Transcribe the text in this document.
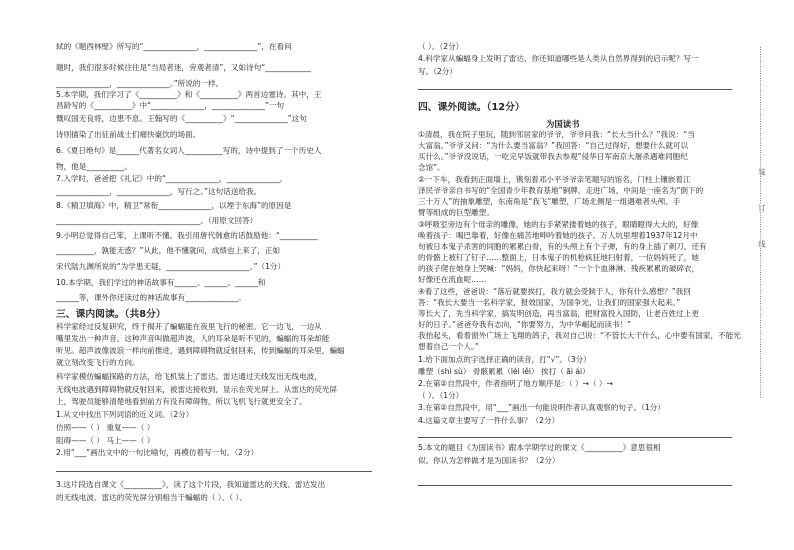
轼的《题西林壁》所写的“______________，______________”，在看问
题时，我们很多时候往往是“当局者迷，旁观者清”，又如诗句“____________
______________，______________。”所说的一样。
5.本学期，我们学习了《__________》和《__________》两首边塞诗。其中，王
昌龄写的《__________》中“______________，______________”一句
慨叹国无良将，边患不息。王翰写的《__________》“______________”这句
诗则描染了出征前战士们痛快豪饮的场面。
6.《夏日绝句》是______代著名女词人__________写的，诗中提到了一个历史人
物，他是__________。
7.入学时，爸爸把《礼记》中的“______________，______________，
______________，______________，写行之。”这句话送给我。
8.《精卫填海》中，精卫“常衔______________，以堙于东海”的原因是
______________________________________。（用原文回答）
9.小明总觉得自己笨，上课听不懂。我引用唐代韩愈的话鼓励他：“__________
__________，孰能无惑？”从此，他不懂就问，成绩也上来了，正如
宋代陆九渊所说的“为学患无疑，______________________。”（1分）
10.本学期，我们学过的神话故事有______、______、______和
______等，课外你还读过的神话故事有______________。
三、课内阅读。（共8分）
科学家经过反复研究，终于揭开了蝙蝠能在夜里飞行的秘密。它一边飞，一边从
嘴里发出一种声音，这种声音叫做超声波，人的耳朵是听不见的，蝙蝠的耳朵却能
听见。超声波像波浪一样向前推进，遇到障碍物就反射回来，传到蝙蝠的耳朵里，蝙蝠
就立刻改变飞行的方向。
科学家模仿蝙蝠探路的方法，给飞机装上了雷达。雷达通过天线发出无线电波，
无线电波遇到障碍物就反射回来，被雷达接收到，显示在荧光屏上。从雷达的荧光屏
上，驾驶员能够清楚地看到前方有没有障碍物，所以飞机飞行就更安全了。
1.从文中找出下列词语的近义词。（2分）
仿照——（ ） 重复——（ ）
阻碍——（ ） 马上——（ ）
2.用“___”画出文中的一句比喻句，再模仿着写一句。（2分）
3.这片段选自课文《__________》，读了这个片段，我知道雷达的天线、雷达发出
的无线电波、雷达的荧光屏分别相当于蝙蝠的（ ）、（ ）、
（ ）。（2分）
4.科学家从蝙蝠身上发明了雷达，你还知道哪些是人类从自然界得到的启示呢？写一
写。（2分）
四、课外阅读。（12分）
为国读书
①清晨，我在院子里玩，随到邻居家的爷爷，爷爷问我：“长大当什么？”我说：“当
大富翁。”爷爷又问：“为什么要当富翁？”我回答：“自己过得好，想要什么就可以
买什么。”爷爷没说话，一吃完早饭就带我去参观“侵华日军南京大屠杀遇难同胞纪
念馆”。
②一下车，我看到正面墙上，镌刻着邓小平爷爷亲笔题写的馆名，门柱上镶嵌着江
泽民爷爷亲自书写的“全国青少年教育基地”铜牌。走进广场，中间是一座名为“倒下的
三十万人”的抽象雕塑，东南角是“我飞”雕塑，广场北侧是一组遇难者头颅、手
臂等组成的巨型雕塑。
③呼吸室旁边有个母亲的雕像，她的右手紧紧搂着她的孩子，眼睛瞪得大大的，好像
唤着孩子：喝巴靠着，好像在痛苦地呻吟着她的孩子。万人坑里埋着1937年12月中
旬被日本鬼子杀害的同胞的累累白骨，有的头颅上有个子弹，有的身上插了刺刀，还有
的骨骼上被钉了钉子……整面上，日本鬼子的机枪疯狂地扫射着，一位妈妈死了，她
的孩子爬在她身上哭喊：“妈妈，你快起来呀！”一个个血淋淋、残疾累累的破碎衣，
好像还在流血呢……
④看了这些，爸爸说：“落后就要挨打，我方就会受制于人，你有什么感想？”我回
答：“我长大要当一名科学家，报效国家，为国争光，让我们的国家强大起来。”
等长大了，先当科学家，搞发明创造，再当富翁，把财富投入国防，让老百姓过上更
好的日子。”爸爸夸我有志向，“你要努力，为中华崛起而读书！”
我抬起头，看着窗外广场上飞翔的鸽子，我对自己说：“不管长大干什么，心中要有国家，不能光
想着自己一个人。”
1.给下面加点的字选择正确的读音，打“√”。（3分）
雕塑（shì sù） 骨骸累累（léi lěi） 挨打（ āi ái）
2.在第②自然段中，作者指明了地方顺序是：（ ）→（ ）→
（ ）。（1分）
3.在第②自然段中，用“___”画出一句能说明作者认真观察的句子。（1分）
4.这篇文章主要写了一件什么事？（2分）
5.本文的题目《为国读书》跟本学期学过的课文《__________》意思很相
似。你认为怎样做才是为国读书？（2分）
……………………………………………装…………订…………线………………………………………………………
